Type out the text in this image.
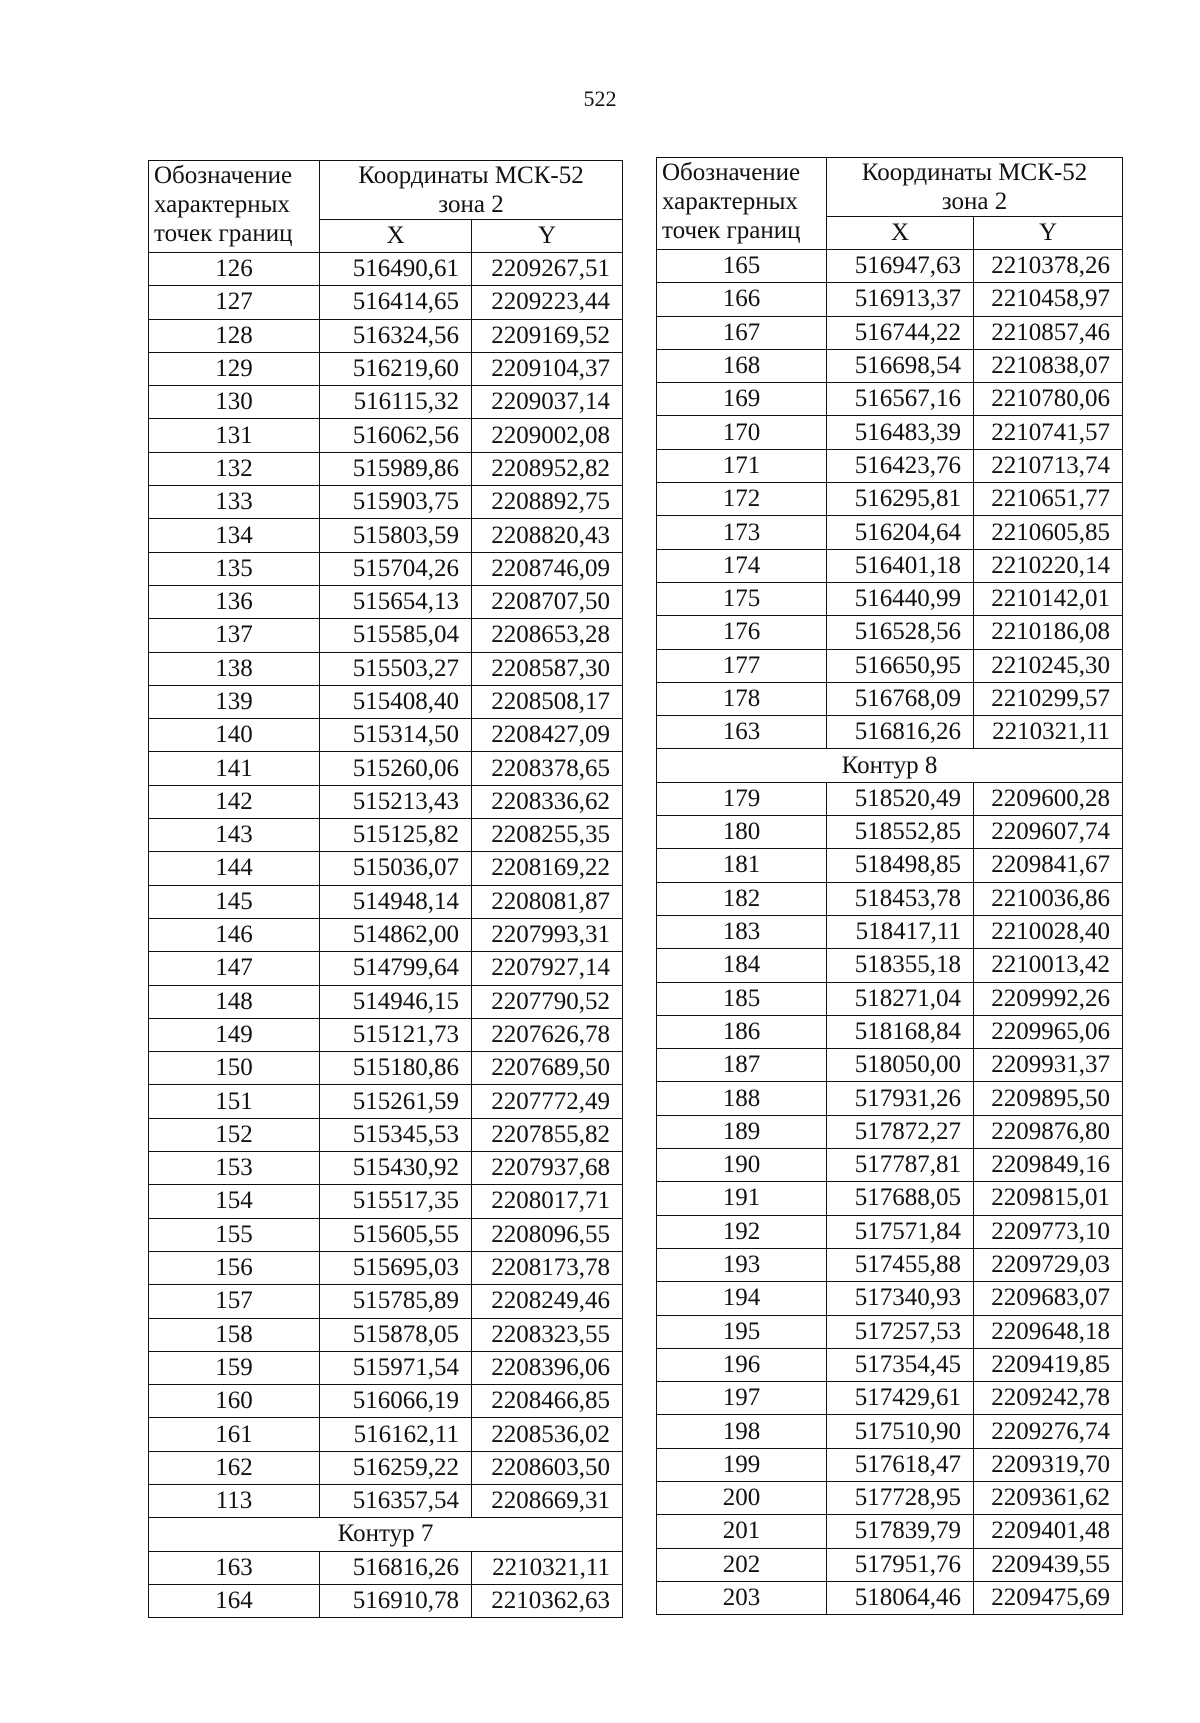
522
Обозначение характерных точек границ	Координаты МСК-52
зона 2	
	X	Y
126	516490,61	2209267,51
127	516414,65	2209223,44
128	516324,56	2209169,52
129	516219,60	2209104,37
130	516115,32	2209037,14
131	516062,56	2209002,08
132	515989,86	2208952,82
133	515903,75	2208892,75
134	515803,59	2208820,43
135	515704,26	2208746,09
136	515654,13	2208707,50
137	515585,04	2208653,28
138	515503,27	2208587,30
139	515408,40	2208508,17
140	515314,50	2208427,09
141	515260,06	2208378,65
142	515213,43	2208336,62
143	515125,82	2208255,35
144	515036,07	2208169,22
145	514948,14	2208081,87
146	514862,00	2207993,31
147	514799,64	2207927,14
148	514946,15	2207790,52
149	515121,73	2207626,78
150	515180,86	2207689,50
151	515261,59	2207772,49
152	515345,53	2207855,82
153	515430,92	2207937,68
154	515517,35	2208017,71
155	515605,55	2208096,55
156	515695,03	2208173,78
157	515785,89	2208249,46
158	515878,05	2208323,55
159	515971,54	2208396,06
160	516066,19	2208466,85
161	516162,11	2208536,02
162	516259,22	2208603,50
113	516357,54	2208669,31
Контур 7		
163	516816,26	2210321,11
164	516910,78	2210362,63
Обозначение характерных точек границ	Координаты МСК-52
зона 2	
	X	Y
165	516947,63	2210378,26
166	516913,37	2210458,97
167	516744,22	2210857,46
168	516698,54	2210838,07
169	516567,16	2210780,06
170	516483,39	2210741,57
171	516423,76	2210713,74
172	516295,81	2210651,77
173	516204,64	2210605,85
174	516401,18	2210220,14
175	516440,99	2210142,01
176	516528,56	2210186,08
177	516650,95	2210245,30
178	516768,09	2210299,57
163	516816,26	2210321,11
Контур 8		
179	518520,49	2209600,28
180	518552,85	2209607,74
181	518498,85	2209841,67
182	518453,78	2210036,86
183	518417,11	2210028,40
184	518355,18	2210013,42
185	518271,04	2209992,26
186	518168,84	2209965,06
187	518050,00	2209931,37
188	517931,26	2209895,50
189	517872,27	2209876,80
190	517787,81	2209849,16
191	517688,05	2209815,01
192	517571,84	2209773,10
193	517455,88	2209729,03
194	517340,93	2209683,07
195	517257,53	2209648,18
196	517354,45	2209419,85
197	517429,61	2209242,78
198	517510,90	2209276,74
199	517618,47	2209319,70
200	517728,95	2209361,62
201	517839,79	2209401,48
202	517951,76	2209439,55
203	518064,46	2209475,69
